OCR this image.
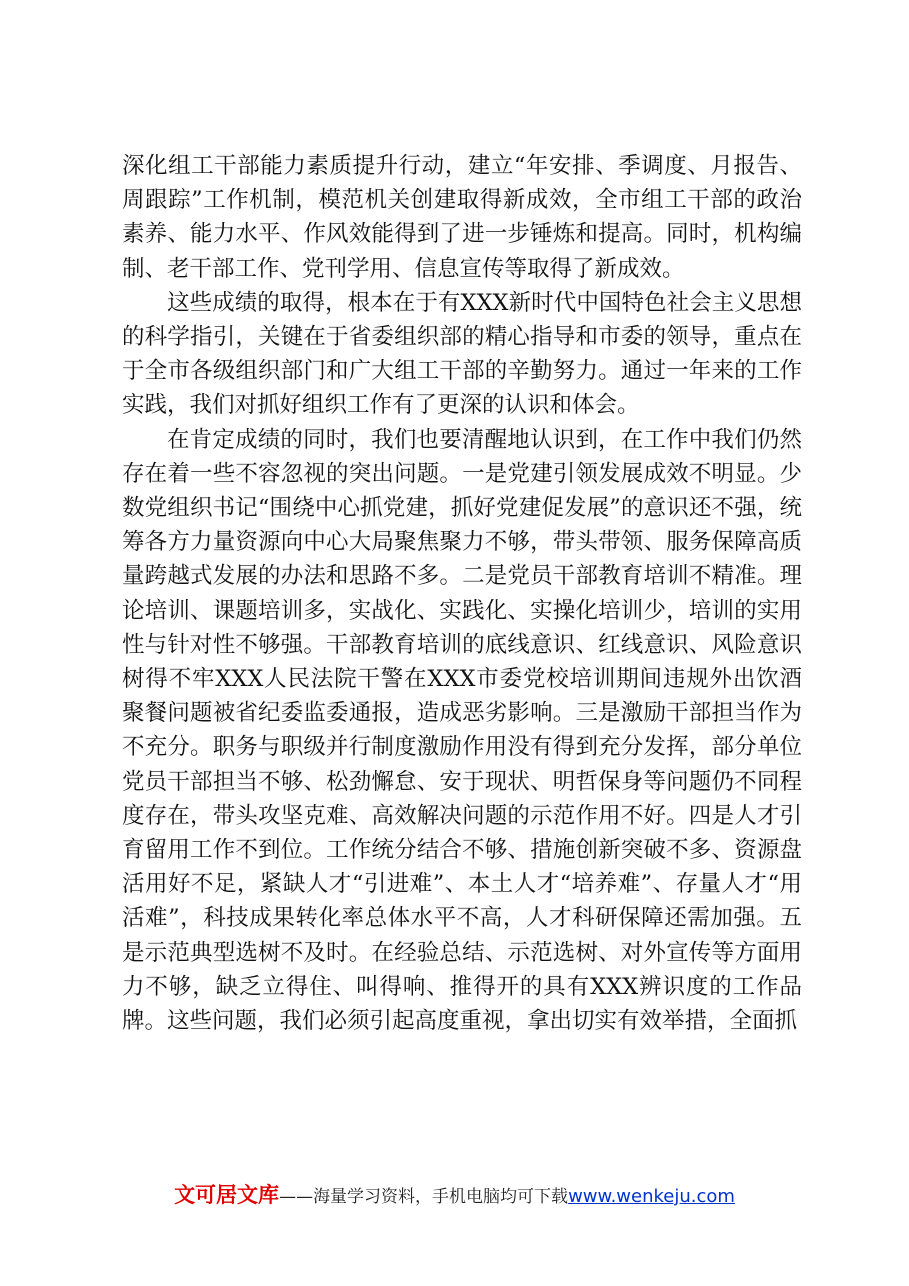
深化组工干部能力素质提升行动，建立“年安排、季调度、月报告、周跟踪”工作机制，模范机关创建取得新成效，全市组工干部的政治素养、能力水平、作风效能得到了进一步锤炼和提高。同时，机构编制、老干部工作、党刊学用、信息宣传等取得了新成效。

这些成绩的取得，根本在于有XXX新时代中国特色社会主义思想的科学指引，关键在于省委组织部的精心指导和市委的领导，重点在于全市各级组织部门和广大组工干部的辛勤努力。通过一年来的工作实践，我们对抓好组织工作有了更深的认识和体会。

在肯定成绩的同时，我们也要清醒地认识到，在工作中我们仍然存在着一些不容忽视的突出问题。一是党建引领发展成效不明显。少数党组织书记“围绕中心抓党建，抓好党建促发展”的意识还不强，统筹各方力量资源向中心大局聚焦聚力不够，带头带领、服务保障高质量跨越式发展的办法和思路不多。二是党员干部教育培训不精准。理论培训、课题培训多，实战化、实践化、实操化培训少，培训的实用性与针对性不够强。干部教育培训的底线意识、红线意识、风险意识树得不牢XXX人民法院干警在XXX市委党校培训期间违规外出饮酒聚餐问题被省纪委监委通报，造成恶劣影响。三是激励干部担当作为不充分。职务与职级并行制度激励作用没有得到充分发挥，部分单位党员干部担当不够、松劲懈怠、安于现状、明哲保身等问题仍不同程度存在，带头攻坚克难、高效解决问题的示范作用不好。四是人才引育留用工作不到位。工作统分结合不够、措施创新突破不多、资源盘活用好不足，紧缺人才“引进难”、本土人才“培养难”、存量人才“用活难”，科技成果转化率总体水平不高，人才科研保障还需加强。五是示范典型选树不及时。在经验总结、示范选树、对外宣传等方面用力不够，缺乏立得住、叫得响、推得开的具有XXX辨识度的工作品牌。这些问题，我们必须引起高度重视，拿出切实有效举措，全面抓

文可居文库——海量学习资料，手机电脑均可下载www.wenkeju.com
